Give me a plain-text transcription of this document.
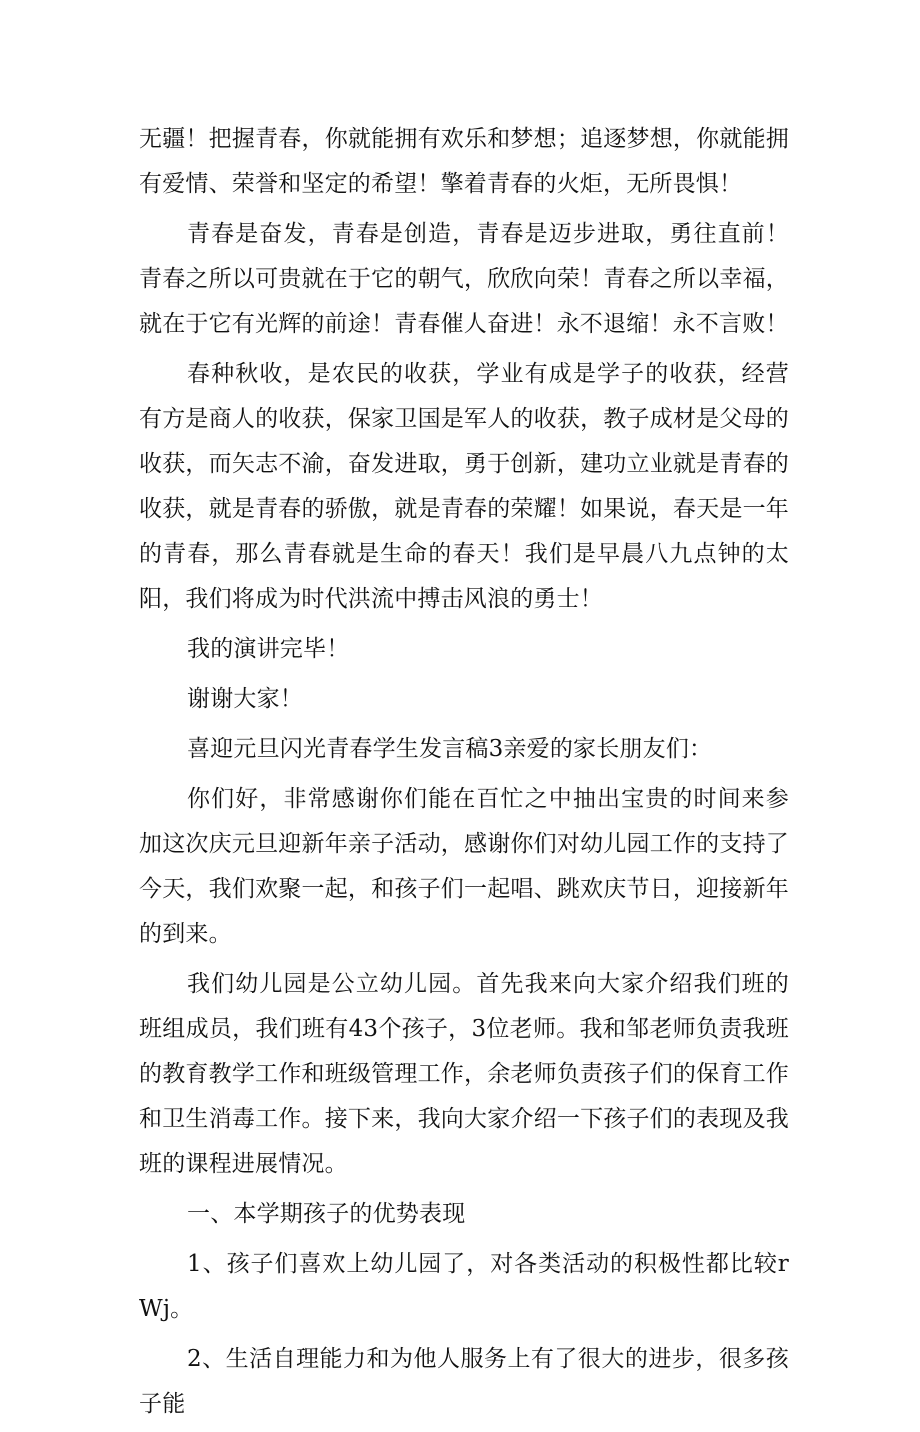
无疆！把握青春，你就能拥有欢乐和梦想；追逐梦想，你就能拥有爱情、荣誉和坚定的希望！擎着青春的火炬，无所畏惧！

青春是奋发，青春是创造，青春是迈步进取，勇往直前！青春之所以可贵就在于它的朝气，欣欣向荣！青春之所以幸福，就在于它有光辉的前途！青春催人奋进！永不退缩！永不言败！

春种秋收，是农民的收获，学业有成是学子的收获，经营有方是商人的收获，保家卫国是军人的收获，教子成材是父母的收获，而矢志不渝，奋发进取，勇于创新，建功立业就是青春的收获，就是青春的骄傲，就是青春的荣耀！如果说，春天是一年的青春，那么青春就是生命的春天！我们是早晨八九点钟的太阳，我们将成为时代洪流中搏击风浪的勇士！

我的演讲完毕！

谢谢大家！

喜迎元旦闪光青春学生发言稿3亲爱的家长朋友们：

你们好，非常感谢你们能在百忙之中抽出宝贵的时间来参加这次庆元旦迎新年亲子活动，感谢你们对幼儿园工作的支持了今天，我们欢聚一起，和孩子们一起唱、跳欢庆节日，迎接新年的到来。

我们幼儿园是公立幼儿园。首先我来向大家介绍我们班的班组成员，我们班有43个孩子，3位老师。我和邹老师负责我班的教育教学工作和班级管理工作，余老师负责孩子们的保育工作和卫生消毒工作。接下来，我向大家介绍一下孩子们的表现及我班的课程进展情况。

一、本学期孩子的优势表现

1、孩子们喜欢上幼儿园了，对各类活动的积极性都比较rWj。

2、生活自理能力和为他人服务上有了很大的进步，很多孩子能
